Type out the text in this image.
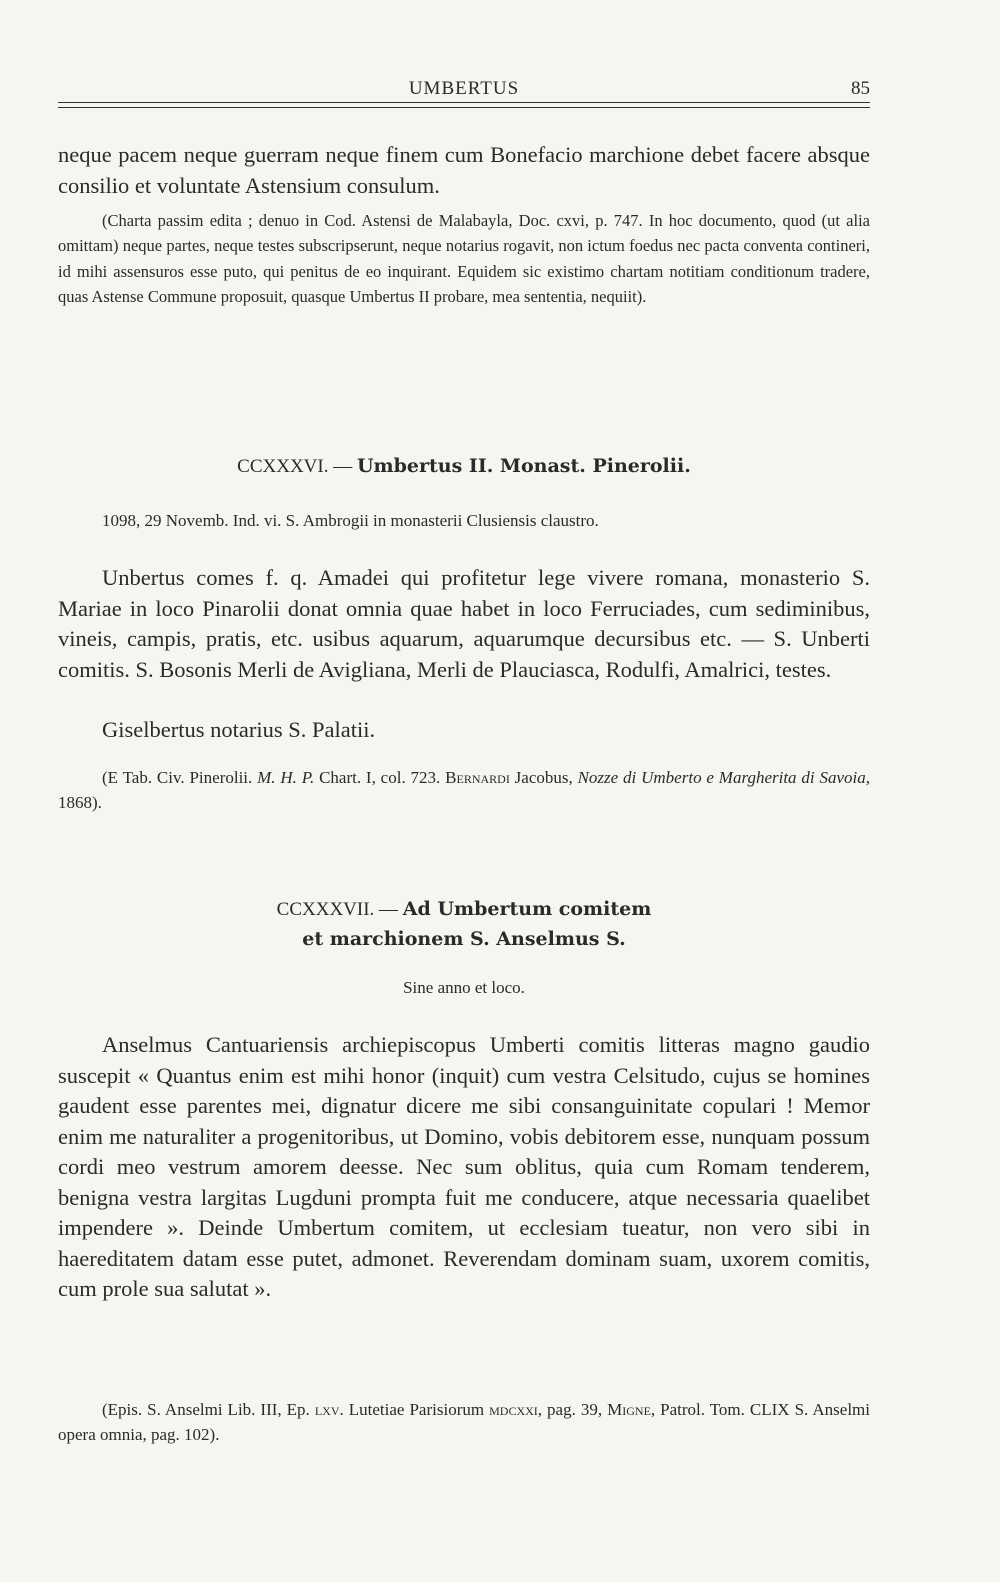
UMBERTUS	85

neque pacem neque guerram neque finem cum Bonefacio marchione debet facere absque consilio et voluntate Astensium consulum.

(Charta passim edita ; denuo in Cod. Astensi de Malabayla, Doc. cxvi, p. 747. In hoc documento, quod (ut alia omittam) neque partes, neque testes subscripserunt, neque notarius rogavit, non ictum foedus nec pacta conventa contineri, id mihi assensuros esse puto, qui penitus de eo inquirant. Equidem sic existimo chartam notitiam conditionum tradere, quas Astense Commune proposuit, quasque Umbertus II probare, mea sententia, nequiit).

CCXXXVI. — Umbertus II. Monast. Pinerolii.

1098, 29 Novemb. Ind. vi. S. Ambrogii in monasterii Clusiensis claustro.

Unbertus comes f. q. Amadei qui profitetur lege vivere romana, monasterio S. Mariae in loco Pinarolii donat omnia quae habet in loco Ferruciades, cum sediminibus, vineis, campis, pratis, etc. usibus aquarum, aquarumque decursibus etc. — S. Unberti comitis. S. Bosonis Merli de Avigliana, Merli de Plauciasca, Rodulfi, Amalrici, testes.

Giselbertus notarius S. Palatii.

(E Tab. Civ. Pinerolii. M. H. P. Chart. I, col. 723. Bernardi Jacobus, Nozze di Umberto e Margherita di Savoia, 1868).

CCXXXVII. — Ad Umbertum comitem
et marchionem S. Anselmus S.

Sine anno et loco.

Anselmus Cantuariensis archiepiscopus Umberti comitis litteras magno gaudio suscepit « Quantus enim est mihi honor (inquit) cum vestra Celsitudo, cujus se homines gaudent esse parentes mei, dignatur dicere me sibi consanguinitate copulari ! Memor enim me naturaliter a progenitoribus, ut Domino, vobis debitorem esse, nunquam possum cordi meo vestrum amorem deesse. Nec sum oblitus, quia cum Romam tenderem, benigna vestra largitas Lugduni prompta fuit me conducere, atque necessaria quaelibet impendere ». Deinde Umbertum comitem, ut ecclesiam tueatur, non vero sibi in haereditatem datam esse putet, admonet. Reverendam dominam suam, uxorem comitis, cum prole sua salutat ».

(Epis. S. Anselmi Lib. III, Ep. lxv. Lutetiae Parisiorum mdcxxi, pag. 39, Migne, Patrol. Tom. CLIX S. Anselmi opera omnia, pag. 102).
